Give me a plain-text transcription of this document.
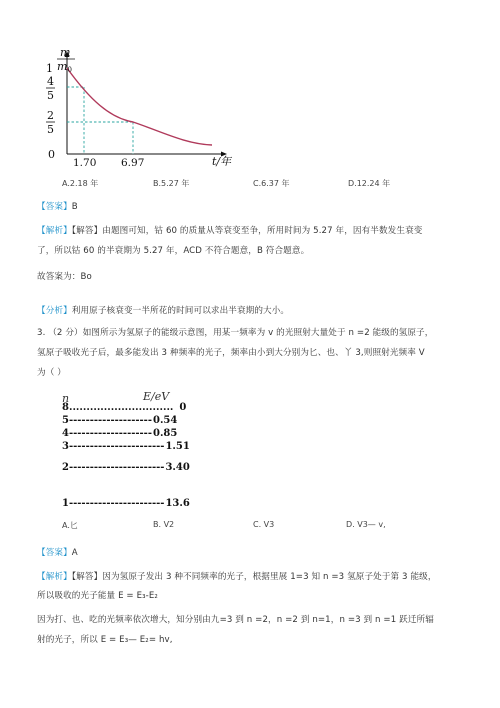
m
m0
1
4
5
2
5
0
1.70 6.97	t/年
A.2.18 年	B.5.27 年	C.6.37 年	D.12.24 年
【答案】B
【解析】【解答】由题图可知，钴 60 的质量从等衰变至争，所用时间为 5.27 年，因有半数发生衰变
了，所以钴 60 的半衰期为 5.27 年，ACD 不符合题意，B 符合题意。
故答案为：Bo
【分析】利用原子核衰变一半所花的时间可以求出半衰期的大小。
3. （2 分）如图所示为氢原子的能级示意图，用某一频率为 v 的光照射大量处于 n =2 能级的氢原子，
氢原子吸收光子后，最多能发出 3 种频率的光子，频率由小到大分别为匕、也、丫 3,则照射光频率 V
为（ ）
n	E/eV
8.............................. 0
5--------------------0.54
4--------------------0.85
3-----------------------1.51
2-----------------------3.40
1-----------------------13.6
A.匕	B. V2	C. V3	D. V3— v,
【答案】A
【解析】【解答】因为氢原子发出 3 种不同频率的光子，根据里展 1=3 知 n =3 氢原子处于第 3 能级，
所以吸收的光子能量 E = E₃-E₂
因为打、也、吃的光频率依次增大，知分别由九=3 到 n =2，n =2 到 n=1，n =3 到 n =1 跃迁所辐
射的光子，所以 E = E₃— E₂= hv,
